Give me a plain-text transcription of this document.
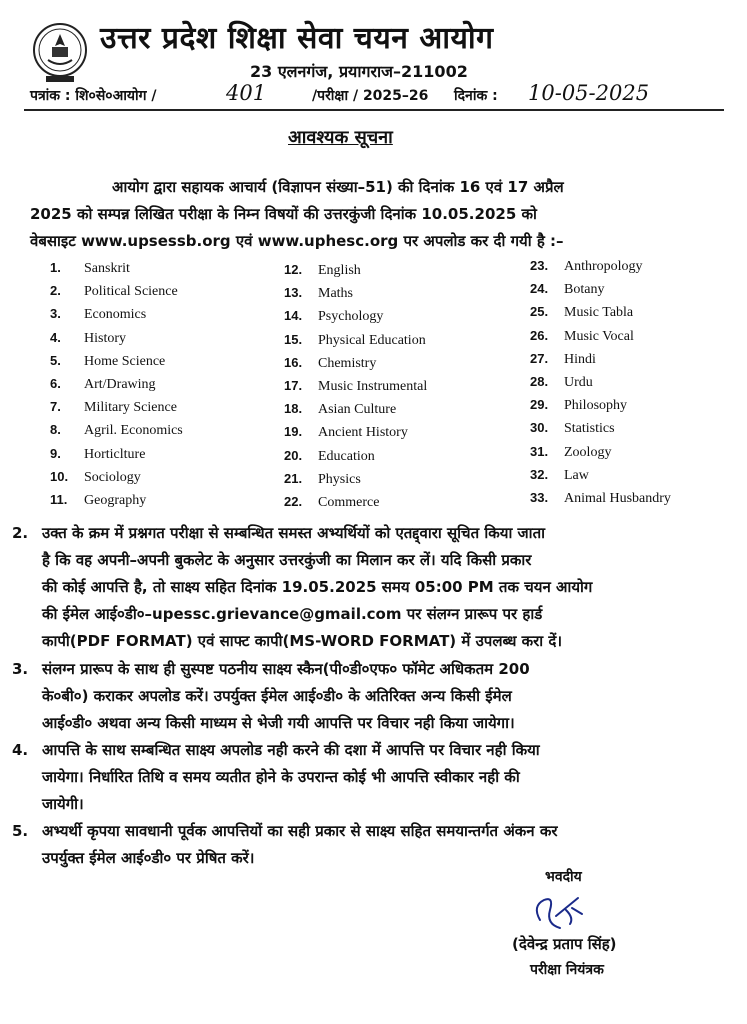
उत्तर प्रदेश शिक्षा सेवा चयन आयोग
23 एलनगंज, प्रयागराज–211002
पत्रांक : शि०से०आयोग /	401	/परीक्षा / 2025–26 दिनांक : 10-05-2025
आवश्यक सूचना

आयोग द्वारा सहायक आचार्य (विज्ञापन संख्या–51) की दिनांक 16 एवं 17 अप्रैल

2025 को सम्पन्न लिखित परीक्षा के निम्न विषयों की उत्तरकुंजी दिनांक 10.05.2025 को

वेबसाइट www.upsessb.org एवं www.uphesc.org पर अपलोड कर दी गयी है :–

1. Sanskrit
2. Political Science
3. Economics
4. History
5. Home Science
6. Art/Drawing
7. Military Science
8. Agril. Economics
9. Horticlture
10. Sociology
11. Geography
12. English
13. Maths
14. Psychology
15. Physical Education
16. Chemistry
17. Music Instrumental
18. Asian Culture
19. Ancient History
20. Education
21. Physics
22. Commerce
23. Anthropology
24. Botany
25. Music Tabla
26. Music Vocal
27. Hindi
28. Urdu
29. Philosophy
30. Statistics
31. Zoology
32. Law
33. Animal Husbandry
2. उक्त के क्रम में प्रश्नगत परीक्षा से सम्बन्धित समस्त अभ्यर्थियों को एतद्द्वारा सूचित किया जाता

है कि वह अपनी–अपनी बुकलेट के अनुसार उत्तरकुंजी का मिलान कर लें। यदि किसी प्रकार

की कोई आपत्ति है, तो साक्ष्य सहित दिनांक 19.05.2025 समय 05:00 PM तक चयन आयोग

की ईमेल आई०डी०–upessc.grievance@gmail.com पर संलग्न प्रारूप पर हार्ड

कापी(PDF FORMAT) एवं साफ्ट कापी(MS-WORD FORMAT) में उपलब्ध करा दें।

3. संलग्न प्रारूप के साथ ही सुस्पष्ट पठनीय साक्ष्य स्कैन(पी०डी०एफ० फॉमेट अधिकतम 200

के०बी०) कराकर अपलोड करें। उपर्युक्त ईमेल आई०डी० के अतिरिक्त अन्य किसी ईमेल

आई०डी० अथवा अन्य किसी माध्यम से भेजी गयी आपत्ति पर विचार नही किया जायेगा।

4. आपत्ति के साथ सम्बन्धित साक्ष्य अपलोड नही करने की दशा में आपत्ति पर विचार नही किया

जायेगा। निर्धारित तिथि व समय व्यतीत होने के उपरान्त कोई भी आपत्ति स्वीकार नही की

जायेगी।

5. अभ्यर्थी कृपया सावधानी पूर्वक आपत्तियों का सही प्रकार से साक्ष्य सहित समयान्तर्गत अंकन कर

उपर्युक्त ईमेल आई०डी० पर प्रेषित करें।

भवदीय
(देवेन्द्र प्रताप सिंह)
परीक्षा नियंत्रक
